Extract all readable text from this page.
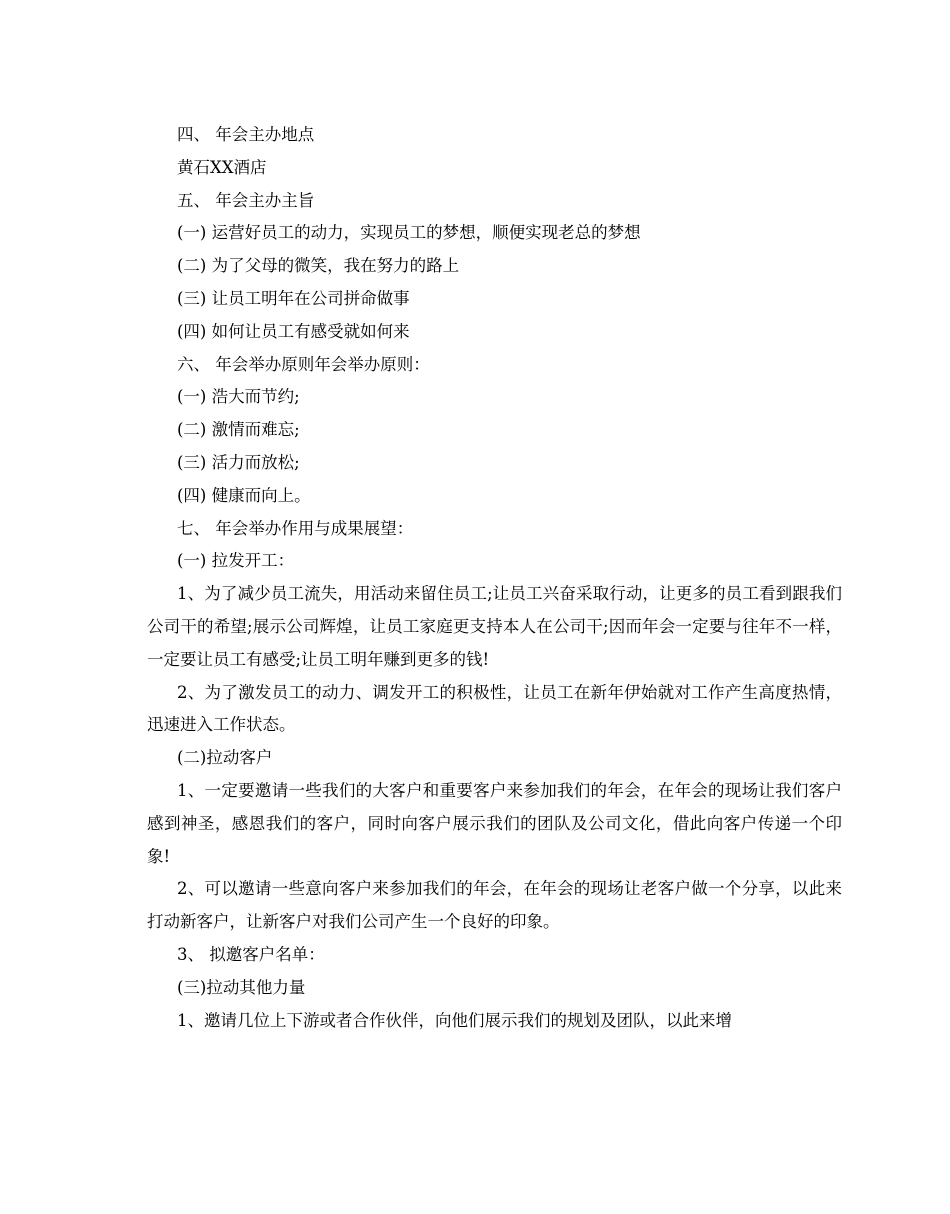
四、 年会主办地点
黄石XX酒店
五、 年会主办主旨
(一) 运营好员工的动力，实现员工的梦想，顺便实现老总的梦想
(二) 为了父母的微笑，我在努力的路上
(三) 让员工明年在公司拼命做事
(四) 如何让员工有感受就如何来
六、 年会举办原则年会举办原则：
(一) 浩大而节约;
(二) 激情而难忘;
(三) 活力而放松;
(四) 健康而向上。
七、 年会举办作用与成果展望：
(一) 拉发开工：

1、为了减少员工流失，用活动来留住员工;让员工兴奋采取行动，让更多的员工看到跟我们公司干的希望;展示公司辉煌，让员工家庭更支持本人在公司干;因而年会一定要与往年不一样，一定要让员工有感受;让员工明年赚到更多的钱!

2、为了激发员工的动力、调发开工的积极性，让员工在新年伊始就对工作产生高度热情，迅速进入工作状态。

(二)拉动客户

1、一定要邀请一些我们的大客户和重要客户来参加我们的年会，在年会的现场让我们客户感到神圣，感恩我们的客户，同时向客户展示我们的团队及公司文化，借此向客户传递一个印象!

2、可以邀请一些意向客户来参加我们的年会，在年会的现场让老客户做一个分享，以此来打动新客户，让新客户对我们公司产生一个良好的印象。

3、 拟邀客户名单：
(三)拉动其他力量
1、邀请几位上下游或者合作伙伴，向他们展示我们的规划及团队，以此来增
